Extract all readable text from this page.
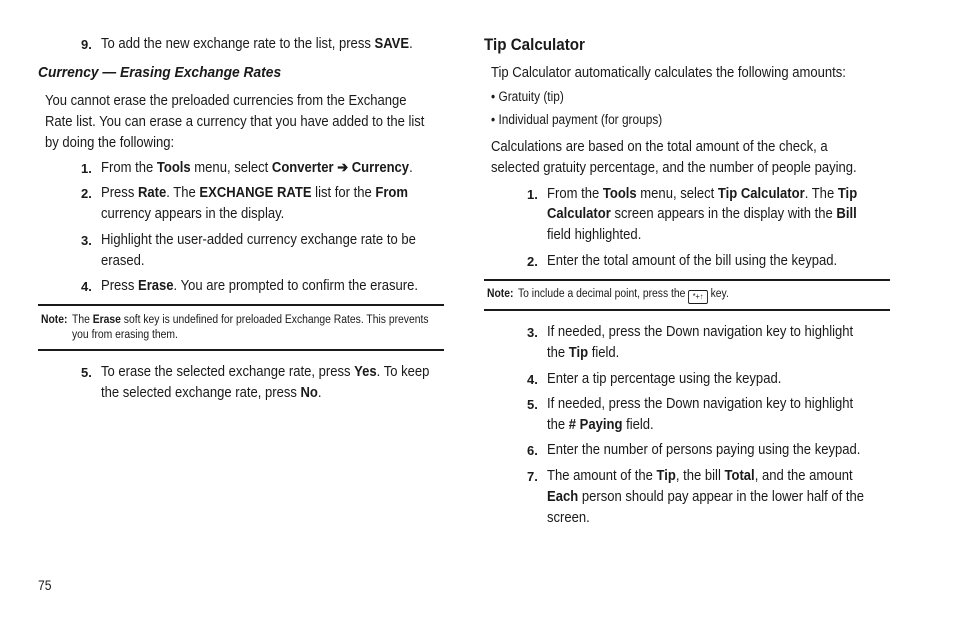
9. To add the new exchange rate to the list, press SAVE.
Currency — Erasing Exchange Rates
You cannot erase the preloaded currencies from the Exchange
Rate list. You can erase a currency that you have added to the list
by doing the following:
1. From the Tools menu, select Converter ➔ Currency.
2. Press Rate. The EXCHANGE RATE list for the From
currency appears in the display.
3. Highlight the user-added currency exchange rate to be
erased.
4. Press Erase. You are prompted to confirm the erasure.
Note: The Erase soft key is undefined for preloaded Exchange Rates. This prevents
you from erasing them.
5. To erase the selected exchange rate, press Yes. To keep
the selected exchange rate, press No.
Tip Calculator
Tip Calculator automatically calculates the following amounts:
• Gratuity (tip)
• Individual payment (for groups)
Calculations are based on the total amount of the check, a
selected gratuity percentage, and the number of people paying.
1. From the Tools menu, select Tip Calculator. The Tip
Calculator screen appears in the display with the Bill
field highlighted.
2. Enter the total amount of the bill using the keypad.
Note: To include a decimal point, press the *+↑ key.
3. If needed, press the Down navigation key to highlight
the Tip field.
4. Enter a tip percentage using the keypad.
5. If needed, press the Down navigation key to highlight
the # Paying field.
6. Enter the number of persons paying using the keypad.
7. The amount of the Tip, the bill Total, and the amount
Each person should pay appear in the lower half of the
screen.
75
